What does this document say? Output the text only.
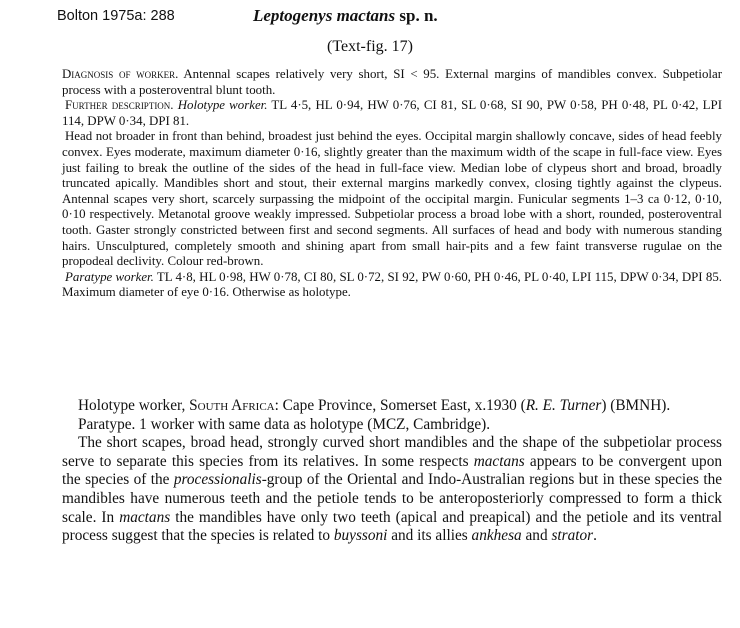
Bolton 1975a: 288	Leptogenys mactans sp. n.
(Text-fig. 17)

Diagnosis of worker. Antennal scapes relatively very short, SI < 95. External margins of mandibles convex. Subpetiolar process with a posteroventral blunt tooth.

Further description. Holotype worker. TL 4·5, HL 0·94, HW 0·76, CI 81, SL 0·68, SI 90, PW 0·58, PH 0·48, PL 0·42, LPI 114, DPW 0·34, DPI 81.

Head not broader in front than behind, broadest just behind the eyes. Occipital margin shallowly concave, sides of head feebly convex. Eyes moderate, maximum diameter 0·16, slightly greater than the maximum width of the scape in full-face view. Eyes just failing to break the outline of the sides of the head in full-face view. Median lobe of clypeus short and broad, broadly truncated apically. Mandibles short and stout, their external margins markedly convex, closing tightly against the clypeus. Antennal scapes very short, scarcely surpassing the midpoint of the occipital margin. Funicular segments 1–3 ca 0·12, 0·10, 0·10 respectively. Metanotal groove weakly impressed. Subpetiolar process a broad lobe with a short, rounded, posteroventral tooth. Gaster strongly constricted between first and second segments. All surfaces of head and body with numerous standing hairs. Unsculptured, completely smooth and shining apart from small hair-pits and a few faint transverse rugulae on the propodeal declivity. Colour red-brown.

Paratype worker. TL 4·8, HL 0·98, HW 0·78, CI 80, SL 0·72, SI 92, PW 0·60, PH 0·46, PL 0·40, LPI 115, DPW 0·34, DPI 85. Maximum diameter of eye 0·16. Otherwise as holotype.

Holotype worker, South Africa: Cape Province, Somerset East, x.1930 (R. E. Turner) (BMNH).

Paratype. 1 worker with same data as holotype (MCZ, Cambridge).

The short scapes, broad head, strongly curved short mandibles and the shape of the subpetiolar process serve to separate this species from its relatives. In some respects mactans appears to be convergent upon the species of the processionalis-group of the Oriental and Indo-Australian regions but in these species the mandibles have numerous teeth and the petiole tends to be anteroposteriorly compressed to form a thick scale. In mactans the mandibles have only two teeth (apical and preapical) and the petiole and its ventral process suggest that the species is related to buyssoni and its allies ankhesa and strator.
